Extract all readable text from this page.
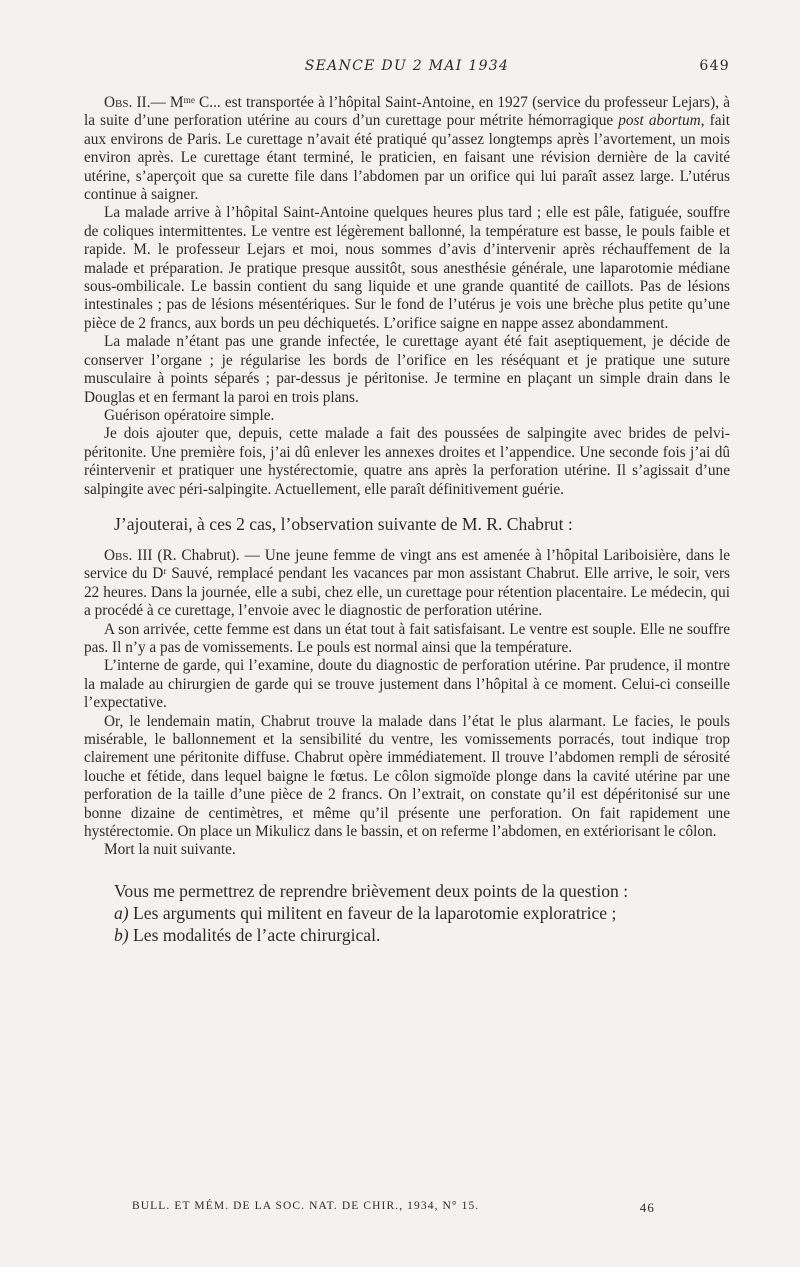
SEANCE DU 2 MAI 1934	649

Obs. II.— Mᵐᵉ C... est transportée à l’hôpital Saint-Antoine, en 1927 (service du professeur Lejars), à la suite d’une perforation utérine au cours d’un curettage pour métrite hémorragique post abortum, fait aux environs de Paris. Le curettage n’avait été pratiqué qu’assez longtemps après l’avortement, un mois environ après. Le curettage étant terminé, le praticien, en faisant une révision dernière de la cavité utérine, s’aperçoit que sa curette file dans l’abdomen par un orifice qui lui paraît assez large. L’utérus continue à saigner.

La malade arrive à l’hôpital Saint-Antoine quelques heures plus tard ; elle est pâle, fatiguée, souffre de coliques intermittentes. Le ventre est légèrement ballonné, la température est basse, le pouls faible et rapide. M. le professeur Lejars et moi, nous sommes d’avis d’intervenir après réchauffement de la malade et préparation. Je pratique presque aussitôt, sous anesthésie générale, une laparotomie médiane sous-ombilicale. Le bassin contient du sang liquide et une grande quantité de caillots. Pas de lésions intestinales ; pas de lésions mésentériques. Sur le fond de l’utérus je vois une brèche plus petite qu’une pièce de 2 francs, aux bords un peu déchiquetés. L’orifice saigne en nappe assez abondamment.

La malade n’étant pas une grande infectée, le curettage ayant été fait aseptiquement, je décide de conserver l’organe ; je régularise les bords de l’orifice en les réséquant et je pratique une suture musculaire à points séparés ; par-dessus je péritonise. Je termine en plaçant un simple drain dans le Douglas et en fermant la paroi en trois plans.

Guérison opératoire simple.

Je dois ajouter que, depuis, cette malade a fait des poussées de salpingite avec brides de pelvi-péritonite. Une première fois, j’ai dû enlever les annexes droites et l’appendice. Une seconde fois j’ai dû réintervenir et pratiquer une hystérectomie, quatre ans après la perforation utérine. Il s’agissait d’une salpingite avec péri-salpingite. Actuellement, elle paraît définitivement guérie.

J’ajouterai, à ces 2 cas, l’observation suivante de M. R. Chabrut :

Obs. III (R. Chabrut). — Une jeune femme de vingt ans est amenée à l’hôpital Lariboisière, dans le service du Dʳ Sauvé, remplacé pendant les vacances par mon assistant Chabrut. Elle arrive, le soir, vers 22 heures. Dans la journée, elle a subi, chez elle, un curettage pour rétention placentaire. Le médecin, qui a procédé à ce curettage, l’envoie avec le diagnostic de perforation utérine.

A son arrivée, cette femme est dans un état tout à fait satisfaisant. Le ventre est souple. Elle ne souffre pas. Il n’y a pas de vomissements. Le pouls est normal ainsi que la température.

L’interne de garde, qui l’examine, doute du diagnostic de perforation utérine. Par prudence, il montre la malade au chirurgien de garde qui se trouve justement dans l’hôpital à ce moment. Celui-ci conseille l’expectative.

Or, le lendemain matin, Chabrut trouve la malade dans l’état le plus alarmant. Le facies, le pouls misérable, le ballonnement et la sensibilité du ventre, les vomissements porracés, tout indique trop clairement une péritonite diffuse. Chabrut opère immédiatement. Il trouve l’abdomen rempli de sérosité louche et fétide, dans lequel baigne le fœtus. Le côlon sigmoïde plonge dans la cavité utérine par une perforation de la taille d’une pièce de 2 francs. On l’extrait, on constate qu’il est dépéritonisé sur une bonne dizaine de centimètres, et même qu’il présente une perforation. On fait rapidement une hystérectomie. On place un Mikulicz dans le bassin, et on referme l’abdomen, en extériorisant le côlon.

Mort la nuit suivante.

Vous me permettrez de reprendre brièvement deux points de la question :
a) Les arguments qui militent en faveur de la laparotomie exploratrice ;
b) Les modalités de l’acte chirurgical.
BULL. ET MÉM. DE LA SOC. NAT. DE CHIR., 1934, N° 15.	46
